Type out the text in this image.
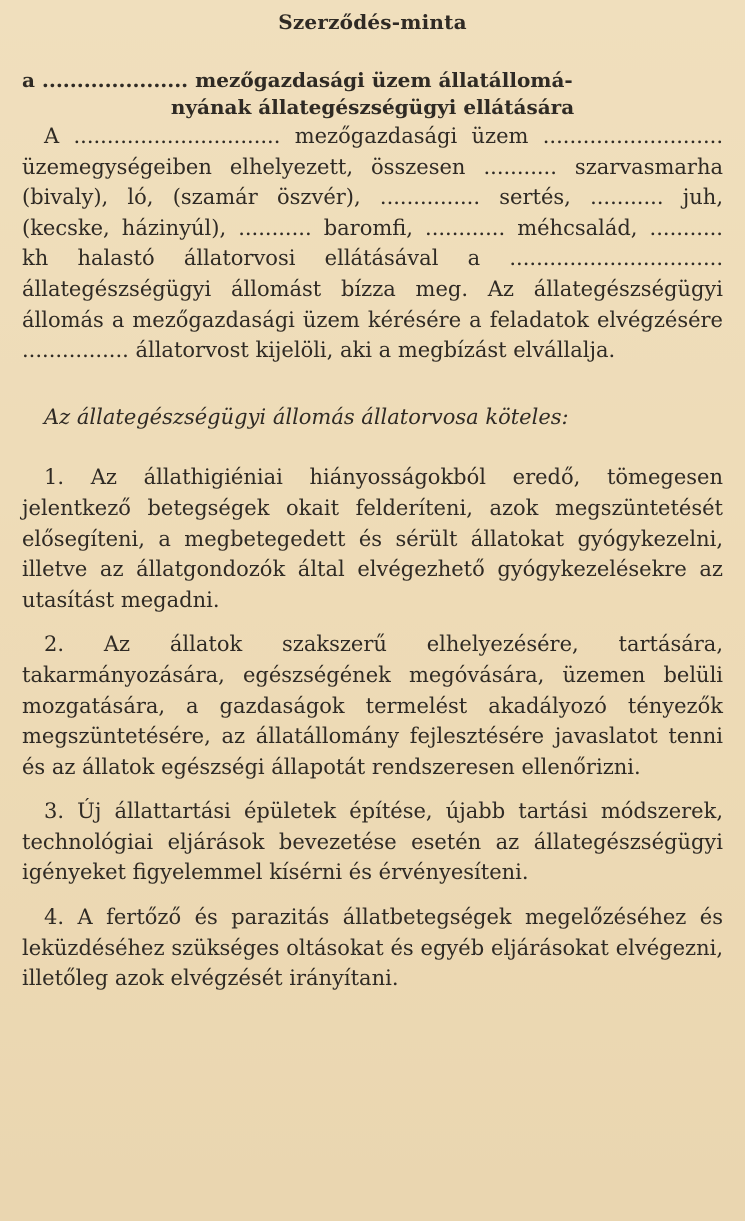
Szerződés-minta
a ..................... mezőgazdasági üzem állatállomá-
nyának állategészségügyi ellátására

A ............................... mezőgazdasági üzem ........................... üzemegységeiben elhelyezett, összesen ........... szarvasmarha (bivaly), ló, (szamár öszvér), ............... sertés, ........... juh, (kecske, házinyúl), ........... baromfi, ............ méhcsalád, ........... kh halastó állatorvosi ellátásával a ................................ állategészségügyi állomást bízza meg. Az állategészségügyi állomás a mezőgazdasági üzem kérésére a feladatok elvégzésére ................ állatorvost kijelöli, aki a megbízást elvállalja.

Az állategészségügyi állomás állatorvosa köteles:

1. Az állathigiéniai hiányosságokból eredő, tömegesen jelentkező betegségek okait felderíteni, azok megszüntetését elősegíteni, a megbetegedett és sérült állatokat gyógykezelni, illetve az állatgondozók által elvégezhető gyógykezelésekre az utasítást megadni.

2. Az állatok szakszerű elhelyezésére, tartására, takarmányozására, egészségének megóvására, üzemen belüli mozgatására, a gazdaságok termelést akadályozó tényezők megszüntetésére, az állatállomány fejlesztésére javaslatot tenni és az állatok egészségi állapotát rendszeresen ellenőrizni.

3. Új állattartási épületek építése, újabb tartási módszerek, technológiai eljárások bevezetése esetén az állategészségügyi igényeket figyelemmel kísérni és érvényesíteni.

4. A fertőző és parazitás állatbetegségek megelőzéséhez és leküzdéséhez szükséges oltásokat és egyéb eljárásokat elvégezni, illetőleg azok elvégzését irányítani.
